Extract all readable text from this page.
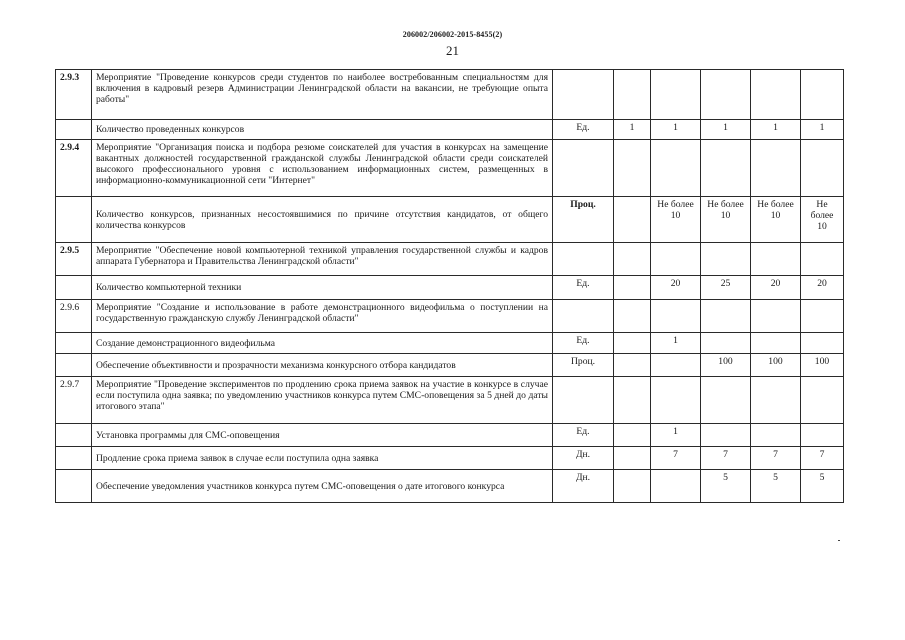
206002/206002-2015-8455(2)
21
2.9.3	Мероприятие "Проведение конкурсов среди студентов по наиболее востребованным специальностям для включения в кадровый резерв Администрации Ленинградской области на вакансии, не требующие опыта работы"						
	Количество проведенных конкурсов	Ед.	1	1	1	1	1
2.9.4	Мероприятие "Организация поиска и подбора резюме соискателей для участия в конкурсах на замещение вакантных должностей государственной гражданской службы Ленинградской области среди соискателей высокого профессионального уровня с использованием информационных систем, размещенных в информационно-коммуникационной сети "Интернет"						
	Количество конкурсов, признанных несостоявшимися по причине отсутствия кандидатов, от общего количества конкурсов	Проц.		Не более 10	Не более 10	Не более 10	Не более 10
2.9.5	Мероприятие "Обеспечение новой компьютерной техникой управления государственной службы и кадров аппарата Губернатора и Правительства Ленинградской области"						
	Количество компьютерной техники	Ед.		20	25	20	20
2.9.6	Мероприятие "Создание и использование в работе демонстрационного видеофильма о поступлении на государственную гражданскую службу Ленинградской области"						
	Создание демонстрационного видеофильма	Ед.		1			
	Обеспечение объективности и прозрачности механизма конкурсного отбора кандидатов	Проц.			100	100	100
2.9.7	Мероприятие "Проведение экспериментов по продлению срока приема заявок на участие в конкурсе в случае если поступила одна заявка; по уведомлению участников конкурса путем СМС-оповещения за 5 дней до даты итогового этапа"						
	Установка программы для СМС-оповещения	Ед.		1			
	Продление срока приема заявок в случае если поступила одна заявка	Дн.		7	7	7	7
	Обеспечение уведомления участников конкурса путем СМС-оповещения о дате итогового конкурса	Дн.			5	5	5
